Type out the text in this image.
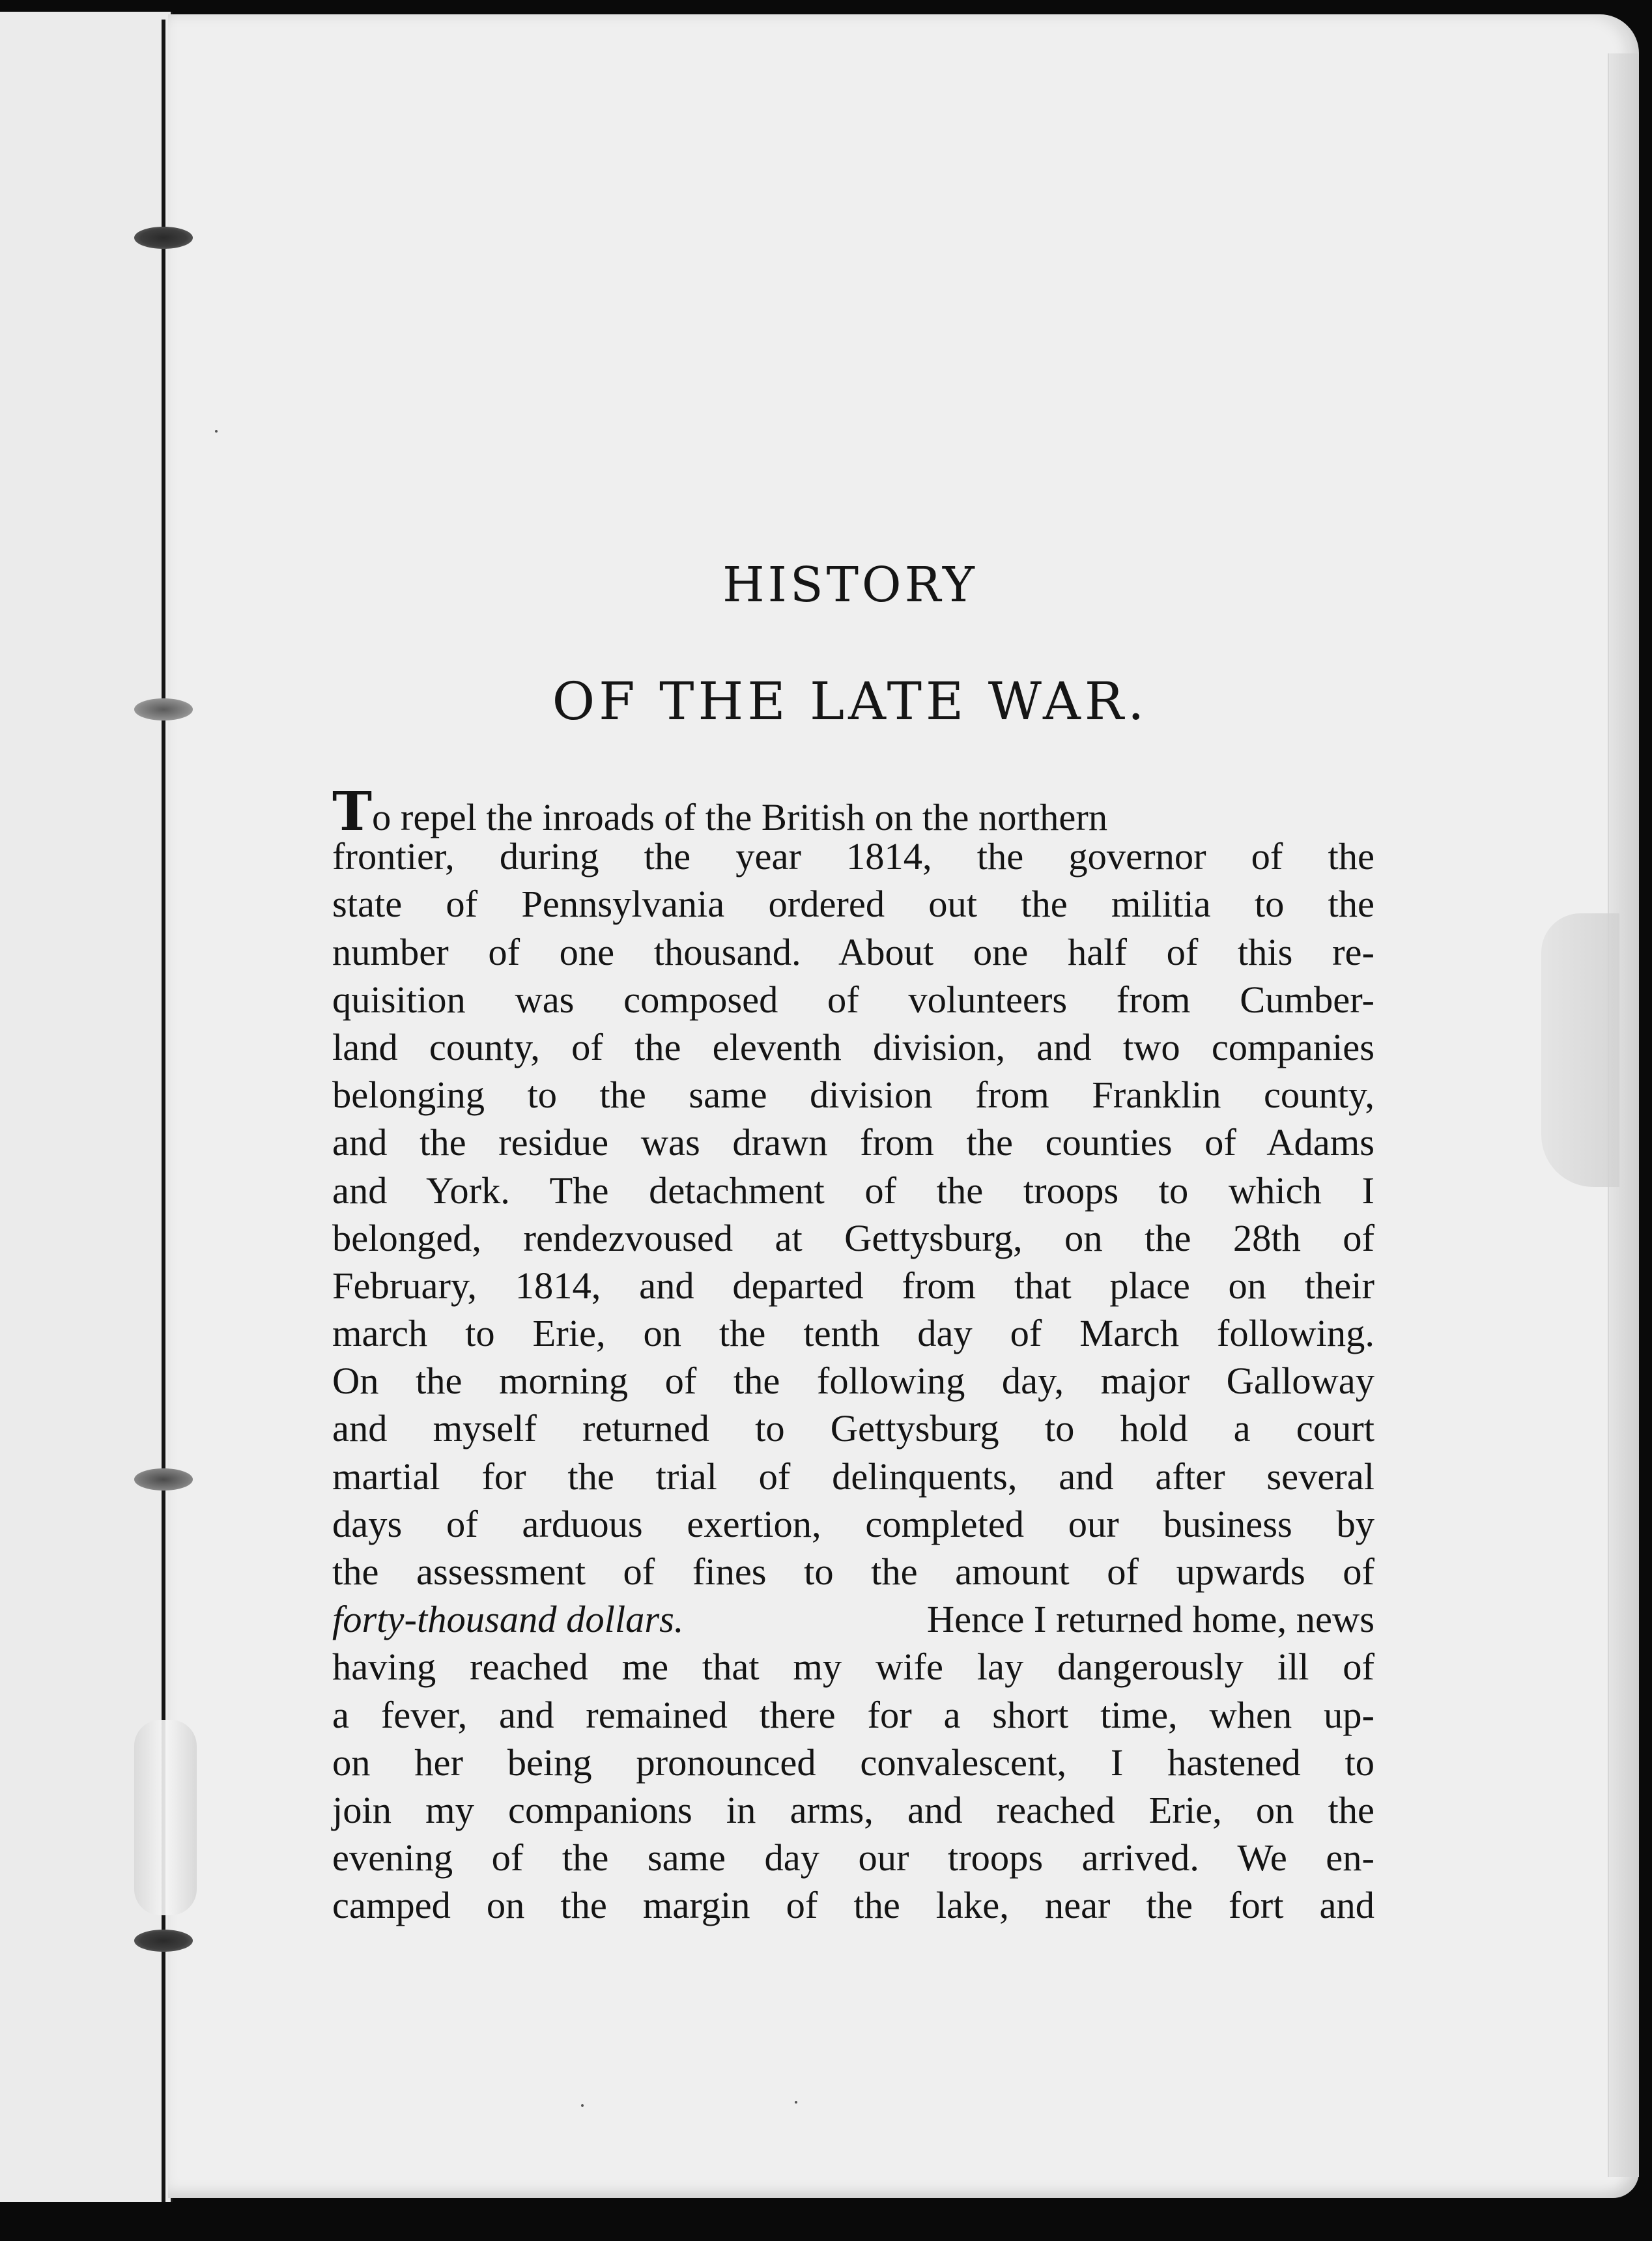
HISTORY
OF THE LATE WAR.
To repel the inroads of the British on the northern
frontier, during the year 1814, the governor of the
state of Pennsylvania ordered out the militia to the
number of one thousand. About one half of this re-
quisition was composed of volunteers from Cumber-
land county, of the eleventh division, and two companies
belonging to the same division from Franklin county,
and the residue was drawn from the counties of Adams
and York. The detachment of the troops to which I
belonged, rendezvoused at Gettysburg, on the 28th of
February, 1814, and departed from that place on their
march to Erie, on the tenth day of March following.
On the morning of the following day, major Galloway
and myself returned to Gettysburg to hold a court
martial for the trial of delinquents, and after several
days of arduous exertion, completed our business by
the assessment of fines to the amount of upwards of
forty-thousand dollars.	Hence I returned home, news
having reached me that my wife lay dangerously ill of
a fever, and remained there for a short time, when up-
on her being pronounced convalescent, I hastened to
join my companions in arms, and reached Erie, on the
evening of the same day our troops arrived. We en-
camped on the margin of the lake, near the fort and
